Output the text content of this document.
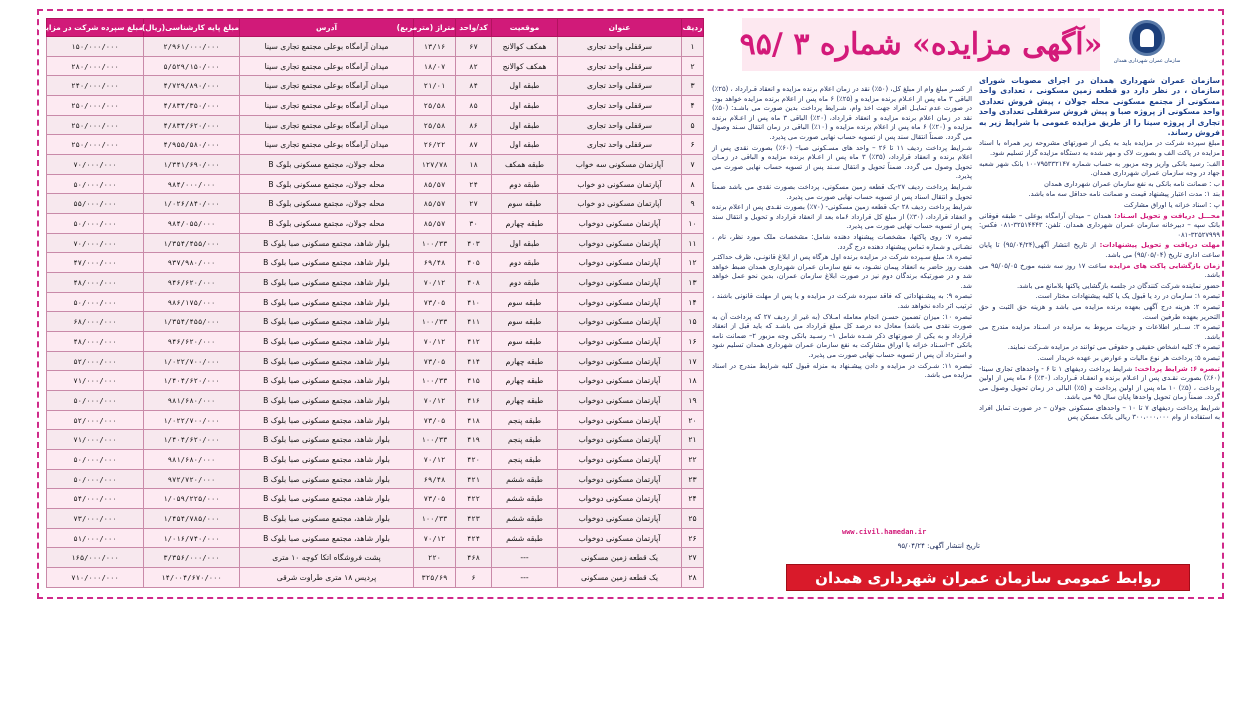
ردیف	عنوان	موقعیت	کد/واحد	متراژ (مترمربع)	آدرس	مبلغ پایه کارشناسی(ریال)	مبلغ سپرده شرکت در مزایده (ریال)
۱	سرقفلی واحد تجاری	همکف کوالانج	۶۷	۱۳/۱۶	میدان آرامگاه بوعلی مجتمع تجاری سینا	۲/۹۶۱/۰۰۰/۰۰۰	۱۵۰/۰۰۰/۰۰۰
۲	سرقفلی واحد تجاری	همکف کوالانج	۸۲	۱۸/۰۷	میدان آرامگاه بوعلی مجتمع تجاری سینا	۵/۵۲۹/۱۵۰/۰۰۰	۲۸۰/۰۰۰/۰۰۰
۳	سرقفلی واحد تجاری	طبقه اول	۸۴	۲۱/۰۱	میدان آرامگاه بوعلی مجتمع تجاری سینا	۴/۷۲۹/۸۹۰/۰۰۰	۲۴۰/۰۰۰/۰۰۰
۴	سرقفلی واحد تجاری	طبقه اول	۸۵	۲۵/۵۸	میدان آرامگاه بوعلی مجتمع تجاری سینا	۴/۸۳۴/۳۵۰/۰۰۰	۲۵۰/۰۰۰/۰۰۰
۵	سرقفلی واحد تجاری	طبقه اول	۸۶	۲۵/۵۸	میدان آرامگاه بوعلی مجتمع تجاری سینا	۴/۸۳۴/۶۲۰/۰۰۰	۲۵۰/۰۰۰/۰۰۰
۶	سرقفلی واحد تجاری	طبقه اول	۸۷	۲۶/۲۲	میدان آرامگاه بوعلی مجتمع تجاری سینا	۴/۹۵۵/۵۸۰/۰۰۰	۲۵۰/۰۰۰/۰۰۰
۷	آپارتمان مسکونی سه خواب	طبقه همکف	۱۸	۱۲۷/۷۸	محله جولان، مجتمع مسکونی بلوک B	۱/۳۴۱/۶۹۰/۰۰۰	۷۰/۰۰۰/۰۰۰
۸	آپارتمان مسکونی دو خواب	طبقه دوم	۲۴	۸۵/۵۷	محله جولان، مجتمع مسکونی بلوک B	۹۸۴/۰۰۰/۰۰۰	۵۰/۰۰۰/۰۰۰
۹	آپارتمان مسکونی دو خواب	طبقه سوم	۲۷	۸۵/۵۷	محله جولان، مجتمع مسکونی بلوک B	۱/۰۲۶/۸۴۰/۰۰۰	۵۵/۰۰۰/۰۰۰
۱۰	آپارتمان مسکونی دوخواب	طبقه چهارم	۳۰	۸۵/۵۷	محله جولان، مجتمع مسکونی بلوک B	۹۸۴/۰۵۵/۰۰۰	۵۰/۰۰۰/۰۰۰
۱۱	آپارتمان مسکونی دوخواب	طبقه اول	۴۰۳	۱۰۰/۳۳	بلوار شاهد، مجتمع مسکونی صبا بلوک B	۱/۳۵۴/۴۵۵/۰۰۰	۷۰/۰۰۰/۰۰۰
۱۲	آپارتمان مسکونی دوخواب	طبقه دوم	۴۰۵	۶۹/۴۸	بلوار شاهد، مجتمع مسکونی صبا بلوک B	۹۳۷/۹۸۰/۰۰۰	۴۷/۰۰۰/۰۰۰
۱۳	آپارتمان مسکونی دوخواب	طبقه دوم	۴۰۸	۷۰/۱۲	بلوار شاهد، مجتمع مسکونی صبا بلوک B	۹۴۶/۶۲۰/۰۰۰	۴۸/۰۰۰/۰۰۰
۱۴	آپارتمان مسکونی دوخواب	طبقه سوم	۴۱۰	۷۳/۰۵	بلوار شاهد، مجتمع مسکونی صبا بلوک B	۹۸۶/۱۷۵/۰۰۰	۵۰/۰۰۰/۰۰۰
۱۵	آپارتمان مسکونی دوخواب	طبقه سوم	۴۱۱	۱۰۰/۳۳	بلوار شاهد، مجتمع مسکونی صبا بلوک B	۱/۳۵۴/۴۵۵/۰۰۰	۶۸/۰۰۰/۰۰۰
۱۶	آپارتمان مسکونی دوخواب	طبقه سوم	۴۱۲	۷۰/۱۲	بلوار شاهد، مجتمع مسکونی صبا بلوک B	۹۴۶/۶۲۰/۰۰۰	۴۸/۰۰۰/۰۰۰
۱۷	آپارتمان مسکونی دوخواب	طبقه چهارم	۴۱۴	۷۳/۰۵	بلوار شاهد، مجتمع مسکونی صبا بلوک B	۱/۰۲۲/۷۰۰/۰۰۰	۵۲/۰۰۰/۰۰۰
۱۸	آپارتمان مسکونی دوخواب	طبقه چهارم	۴۱۵	۱۰۰/۳۳	بلوار شاهد، مجتمع مسکونی صبا بلوک B	۱/۴۰۴/۶۲۰/۰۰۰	۷۱/۰۰۰/۰۰۰
۱۹	آپارتمان مسکونی دوخواب	طبقه چهارم	۴۱۶	۷۰/۱۲	بلوار شاهد، مجتمع مسکونی صبا بلوک B	۹۸۱/۶۸۰/۰۰۰	۵۰/۰۰۰/۰۰۰
۲۰	آپارتمان مسکونی دوخواب	طبقه پنجم	۴۱۸	۷۳/۰۵	بلوار شاهد، مجتمع مسکونی صبا بلوک B	۱/۰۲۲/۷۰۰/۰۰۰	۵۲/۰۰۰/۰۰۰
۲۱	آپارتمان مسکونی دوخواب	طبقه پنجم	۴۱۹	۱۰۰/۳۳	بلوار شاهد، مجتمع مسکونی صبا بلوک B	۱/۴۰۴/۶۲۰/۰۰۰	۷۱/۰۰۰/۰۰۰
۲۲	آپارتمان مسکونی دوخواب	طبقه پنجم	۴۲۰	۷۰/۱۲	بلوار شاهد، مجتمع مسکونی صبا بلوک B	۹۸۱/۶۸۰/۰۰۰	۵۰/۰۰۰/۰۰۰
۲۳	آپارتمان مسکونی دوخواب	طبقه ششم	۴۲۱	۶۹/۴۸	بلوار شاهد، مجتمع مسکونی صبا بلوک B	۹۷۲/۷۲۰/۰۰۰	۵۰/۰۰۰/۰۰۰
۲۴	آپارتمان مسکونی دوخواب	طبقه ششم	۴۲۲	۷۳/۰۵	بلوار شاهد، مجتمع مسکونی صبا بلوک B	۱/۰۵۹/۲۲۵/۰۰۰	۵۴/۰۰۰/۰۰۰
۲۵	آپارتمان مسکونی دوخواب	طبقه ششم	۴۲۳	۱۰۰/۳۳	بلوار شاهد، مجتمع مسکونی صبا بلوک B	۱/۴۵۴/۷۸۵/۰۰۰	۷۳/۰۰۰/۰۰۰
۲۶	آپارتمان مسکونی دوخواب	طبقه ششم	۴۲۴	۷۰/۱۲	بلوار شاهد، مجتمع مسکونی صبا بلوک B	۱/۰۱۶/۷۴۰/۰۰۰	۵۱/۰۰۰/۰۰۰
۲۷	یک قطعه زمین مسکونی	---	۴۶۸	۲۲۰	پشت فروشگاه اتکا کوچه ۱۰ متری	۳/۳۵۶/۰۰۰/۰۰۰	۱۶۵/۰۰۰/۰۰۰
۲۸	یک قطعه زمین مسکونی	---	۶	۳۲۵/۶۹	پردیس ۱۸ متری طراوت شرقی	۱۴/۰۰۴/۶۷۰/۰۰۰	۷۱۰/۰۰۰/۰۰۰
«آگهی مزایده» شماره ۳ /۹۵ سازمان عمران شهرداری همدان

سازمان عمران شهرداری همدان در اجرای مصوبات شورای سازمان ، در نظر دارد دو قطعه زمین مسکونی ، تعدادی واحد مسکونی از مجتمع مسکونی محله جولان ، پیش فروش تعدادی واحد مسکونی از پروژه صبا و پیش فروش سرقفلی تعدادی واحد تجاری از پروژه سینا را از طریق مزایده عمومی با شرایط زیر به فروش رساند.

مبلغ سپرده شرکت در مزایده باید به یکی از صورتهای مشروحه زیر همراه با اسناد مزایده در پاکت الف و بصورت لاک و مهر شده به دستگاه مزایده گزار تسلیم شود.

الف: رسید بانکی واریز وجه مزبور به حساب شماره ۱۰۰۷۹۵۳۳۲۱۴۷ بانک شهر شعبه جهاد در وجه سازمان عمران شهرداری همدان.

ب : ضمانت نامه بانکی به نفع سازمان عمران شهرداری همدان

بند ۱: مدت اعتبار پیشنهاد قیمت و ضمانت نامه حداقل سه ماه باشد.

پ : اسناد خزانه یا اوراق مشارکت

محـــل دریافت و تحویل اسـناد: همدان – میدان آرامگاه بوعلی – طبقه فوقانی بانک سپه – دبیرخانه سازمان عمران شهرداری همدان. تلفن: ۳۲۵۱۴۴۴۳-۰۸۱ فکس: ۳۲۵۲۷۹۹۹-۰۸۱

مهلت دریافت و تحویل پیشنهادات: از تاریخ انتشار آگهی(۹۵/۰۴/۲۴) تا پایان ساعت اداری تاریخ (۹۵/۰۵/۰۴) می باشد.

زمان بازگشایی پاکت های مزایده ساعت ۱۷ روز سه شنبه مورخ ۹۵/۰۵/۰۵ می باشد.

حضور نماینده شرکت کنندگان در جلسه بازگشایی پاکتها بلامانع می باشد.

تبصره ۱: سازمان در رد یا قبول یک یا کلیه پیشنهادات مختار است.

تبصره ۲: هزینه درج آگهی بعهده برنده مزایده می باشد و هزینه حق الثبت و حق التحریر بعهده طرفین است.

تبصره ۳: ســایر اطلاعات و جزییات مربوط به مزایده در اسـناد مزایده مندرج می باشد.

تبصره ۴: کلیه اشخاص حقیقی و حقوقی می توانند در مزایده شـرکت نمایند.

تبصره ۵: پرداخت هر نوع مالیات و عوارض بر عهده خریدار است.

تبصره ۶: شرایط پرداخت: شرایط پرداخت ردیفهای ۱ تا ۶ - واحدهای تجاری سینا- (۶۰٪) بصورت نقـدی پس از اعـلام برنده و انعقـاد قـرارداد، (۳۰٪) ۶ ماه پس از اولین پرداخت ، (۵٪) ۱۰ ماه پس از اولین پرداخت و (۵٪) البالی در زمان تحویل وصول می گردد. ضمناً زمان تحویل واحدها پایان سال ۹۵ می باشد.

شرایط پرداخت ردیفهای ۷ تا ۱۰ – واحدهای مسکونی جولان – در صورت تمایل افراد به استفاده از وام ۳۰۰،۰۰۰،۰۰۰ ریالی بانک مسکن پس

از کسـر مبلغ وام از مبلغ کل، (۵۰٪) نقد در زمان اعلام برنده مزایده و انعقاد قـرارداد ، (۲۵٪) الباقی ۳ ماه پس از اعـلام برنده مزایده و (۲۵٪) ۶ ماه پس از اعلام برنده مزایده خواهد بود. در صورت عدم تمایـل افراد جهت اخذ وام، شـرایط پرداخت بدین صورت می باشـد: (۵۰٪) نقد در زمان اعلام برنده مزایده و انعقاد قرارداد، (۲۰٪) الباقی ۳ ماه پس از اعـلام برنده مزایده و (۲۰٪) ۶ ماه پس از اعلام برنده مزایده و (۱۰٪) الباقی در زمان انتقال سـند وصول می گردد. ضمناً انتقال سند پس از تسویه حساب نهایی صورت می پذیرد.

شـرایط پرداخت ردیف ۱۱ تا ۲۶ – واحد های مسـکونی صبا– (۶۰٪) بصورت نقدی پس از اعلام برنده و انعقاد قرارداد، (۳۵٪) ۳ ماه پس از اعـلام برنده مزایده و الباقی در زمـان تحویل وصول می گردد. ضمناً تحویل و انتقال سـند پس از تسویه حساب نهایی صورت می پذیرد.

شـرایط پرداخت ردیف ۲۷-یک قطعه زمین مسکونی، پرداخت بصورت نقدی می باشد ضمناً تحویل و انتقال اسناد پس از تسویه حساب نهایی صورت می پذیرد.

شرایط پرداخت ردیف ۲۸ -یک قطعه زمین مسکونی- (۷۰٪) بصورت نقـدی پس از اعلام برنده و انعقاد قرارداد، (۳۰٪) از مبلغ کل قرارداد ۶ماه بعد از انعقاد قرارداد و تحویل و انتقال سند پس از تسویه حساب نهایی صورت می پذیرد.

تبصره ۷: روی پاکتها، مشخصات پیشنهاد دهنده شامل: مشخصات ملک مورد نظر، نام ، نشـانی و شماره تماس پیشنهاد دهنده درج گردد.

تبصره ۸: مبلغ سـپرده شرکت در مزایده برنده اول هرگاه پس از ابلاغ قانونـی، ظرف حداکثـر هفت روز حاضر به انعقاد پیمان نشـود، به نفع سازمان عمران شهرداری همدان ضبط خواهد شد و در صورتیکه برندگان دوم نیز در صورت ابلاغ سازمان عمران، بدین نحو عمل خواهد شد.

تبصره ۹: به پیشـنهاداتی که فاقد سپرده شرکت در مزایده و یا پس از مهلت قانونی باشند ، ترتیب اثر داده نخواهد شد.

تبصره ۱۰: میزان تضمین حسـن انجام معامله امـلاک (به غیر از ردیف ۲۷ که پرداخت آن به صورت نقدی می باشد) معادل ده درصد کل مبلغ قرارداد می باشـد که باید قبل از انعقاد قرارداد و به یکی از صورتهای ذکر شـده شامل ۱– رسـید بانکی وجه مزبور ۲– ضمانت نامه بانکی ۳–اسـناد خزانه یا اوراق مشارکت به نفع سازمان عمران شهرداری همدان تسلیم شود و استرداد آن پس از تسویه حساب نهایی صورت می پذیرد.

تبصره ۱۱: شـرکت در مزایده و دادن پیشـنهاد به منزله قبول کلیه شرایط مندرج در اسناد مزایده می باشد.

www.civil.hamedan.ir
تاریخ انتشار آگهی: ۹۵/۰۴/۲۴
روابط عمومی سازمان عمران شهرداری همدان
